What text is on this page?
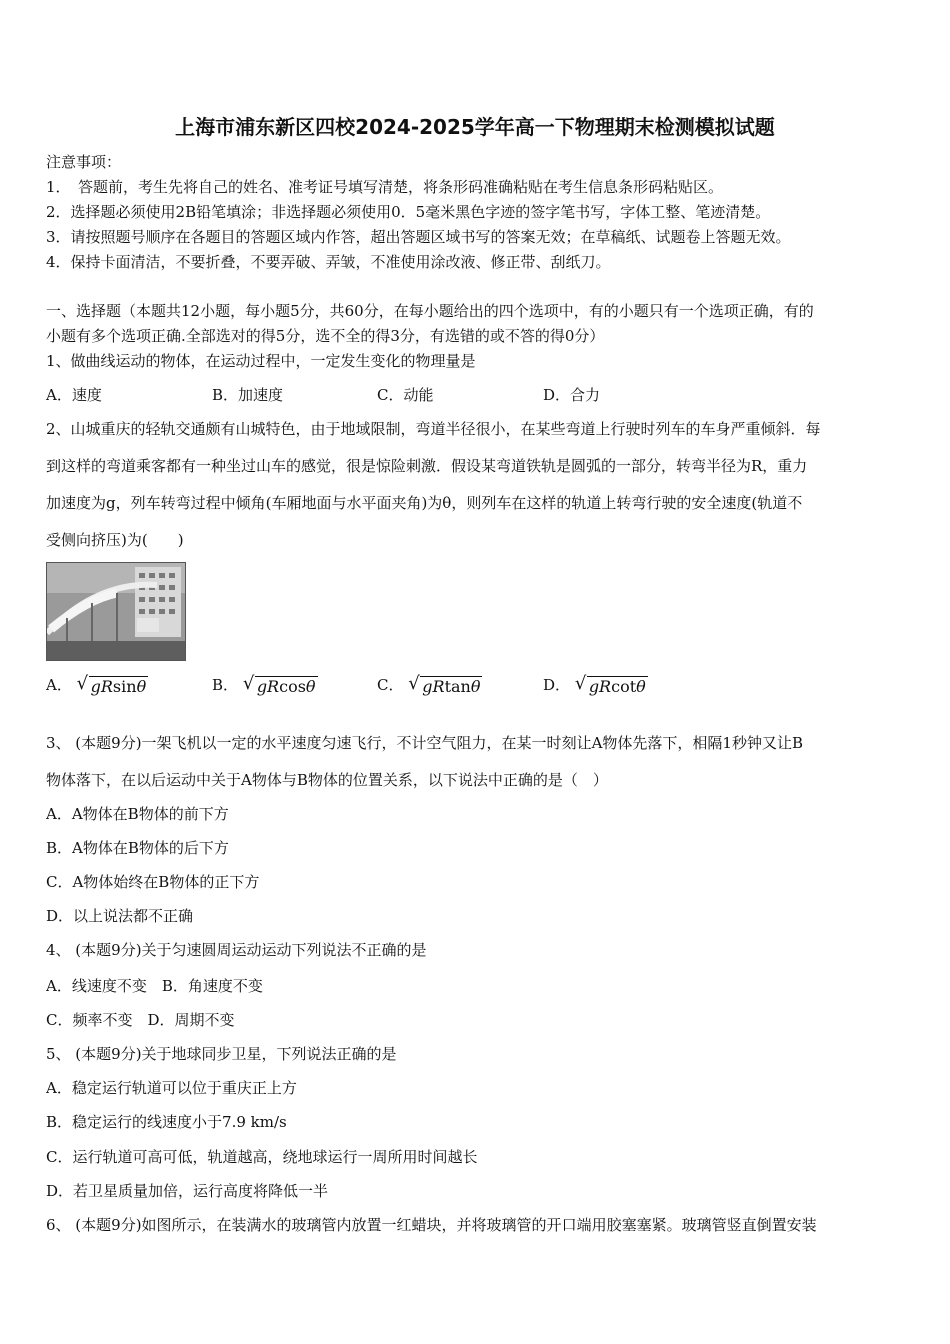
上海市浦东新区四校2024-2025学年高一下物理期末检测模拟试题
注意事项：
1．　答题前，考生先将自己的姓名、准考证号填写清楚，将条形码准确粘贴在考生信息条形码粘贴区。
2．选择题必须使用2B铅笔填涂；非选择题必须使用0．5毫米黑色字迹的签字笔书写，字体工整、笔迹清楚。
3．请按照题号顺序在各题目的答题区域内作答，超出答题区域书写的答案无效；在草稿纸、试题卷上答题无效。
4．保持卡面清洁，不要折叠，不要弄破、弄皱，不准使用涂改液、修正带、刮纸刀。
一、选择题（本题共12小题，每小题5分，共60分，在每小题给出的四个选项中，有的小题只有一个选项正确，有的
小题有多个选项正确.全部选对的得5分，选不全的得3分，有选错的或不答的得0分）
1、做曲线运动的物体，在运动过程中，一定发生变化的物理量是
A．速度	B．加速度	C．动能	D．合力
2、山城重庆的轻轨交通颇有山城特色，由于地域限制，弯道半径很小，在某些弯道上行驶时列车的车身严重倾斜．每
到这样的弯道乘客都有一种坐过山车的感觉，很是惊险刺激．假设某弯道铁轨是圆弧的一部分，转弯半径为R，重力
加速度为g，列车转弯过程中倾角(车厢地面与水平面夹角)为θ，则列车在这样的轨道上转弯行驶的安全速度(轨道不
受侧向挤压)为(　　)
A． √ gRsinθ	B． √ gRcosθ	C． √ gRtanθ	D． √ gRcotθ
3、 (本题9分)一架飞机以一定的水平速度匀速飞行，不计空气阻力，在某一时刻让A物体先落下，相隔1秒钟又让B
物体落下，在以后运动中关于A物体与B物体的位置关系，以下说法中正确的是（　）
A．A物体在B物体的前下方
B．A物体在B物体的后下方
C．A物体始终在B物体的正下方
D．以上说法都不正确
4、 (本题9分)关于匀速圆周运动运动下列说法不正确的是
A．线速度不变　B．角速度不变
C．频率不变　D．周期不变
5、 (本题9分)关于地球同步卫星，下列说法正确的是
A．稳定运行轨道可以位于重庆正上方
B．稳定运行的线速度小于7.9 km/s
C．运行轨道可高可低，轨道越高，绕地球运行一周所用时间越长
D．若卫星质量加倍，运行高度将降低一半
6、 (本题9分)如图所示，在装满水的玻璃管内放置一红蜡块，并将玻璃管的开口端用胶塞塞紧。玻璃管竖直倒置安装
